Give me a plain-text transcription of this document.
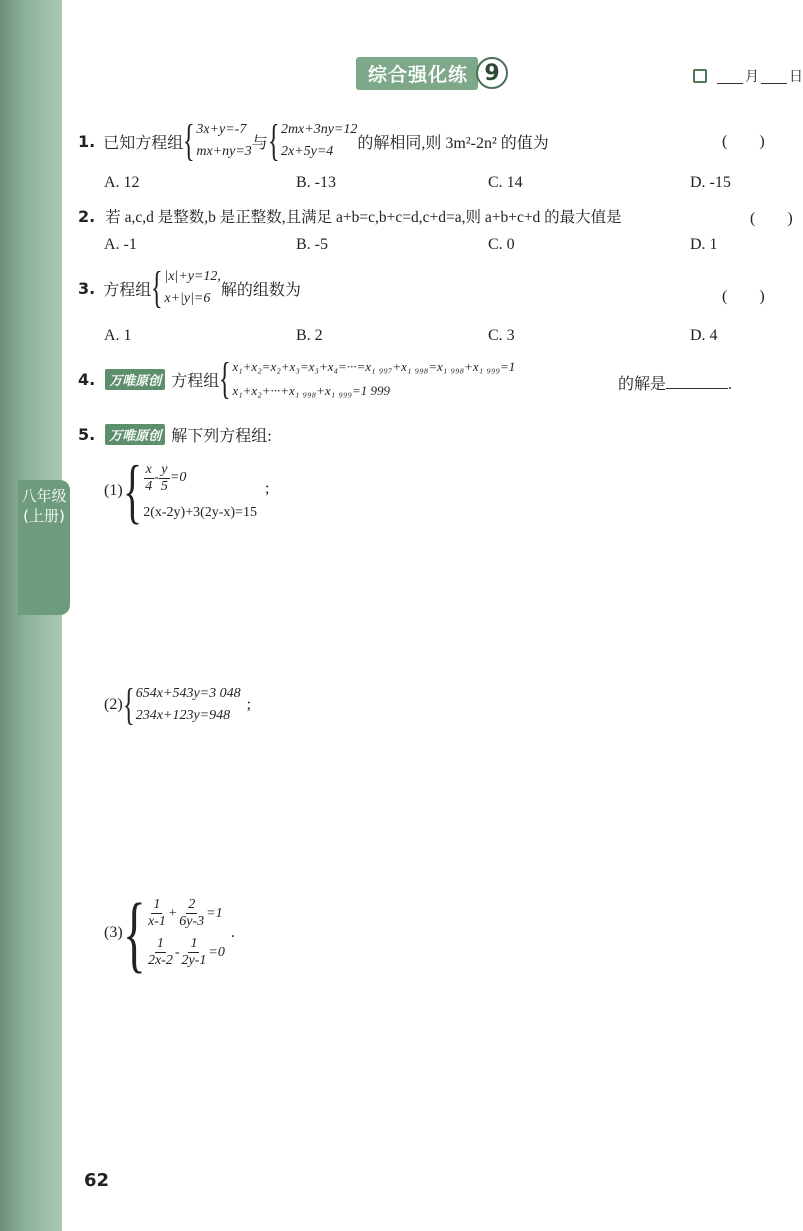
八年级(上册)
综合强化练 9	月 日
1. 已知方程组 { 3x+y=-7
mx+ny=3 与 { 2mx+3ny=12
2x+5y=4	的解相同,则 3m²-2n² 的值为	(　　)
A. 12	B. -13	C. 14	D. -15
2. 若 a,c,d 是整数,b 是正整数,且满足 a+b=c,b+c=d,c+d=a,则 a+b+c+d 的最大值是	(　　)
A. -1	B. -5	C. 0	D. 1
3. 方程组 { |x|+y=12,
x+|y|=6 解的组数为	(　　)
A. 1	B. 2	C. 3	D. 4
4.	万唯原创 方程组 { x₁+x₂=x₂+x₃=x₃+x₄=···=x₁ ₉₉₇+x₁ ₉₉₈=x₁ ₉₉₈+x₁ ₉₉₉=1
x₁+x₂+···+x₁ ₉₉₈+x₁ ₉₉₉=1 999	的解是	.
5.	万唯原创 解下列方程组:
(1) { $\frac{x}{4} - \frac{y}{5} =0$
2(x-2y)+3(2y-x)=15
;
(2) { 654x+543y=3 048
234x+123y=948
;
(3) { $\frac{1}{x-1} + \frac{2}{6y-3} =1$
$\frac{1}{2x-2} - \frac{1}{2y-1} =0$
.
62
